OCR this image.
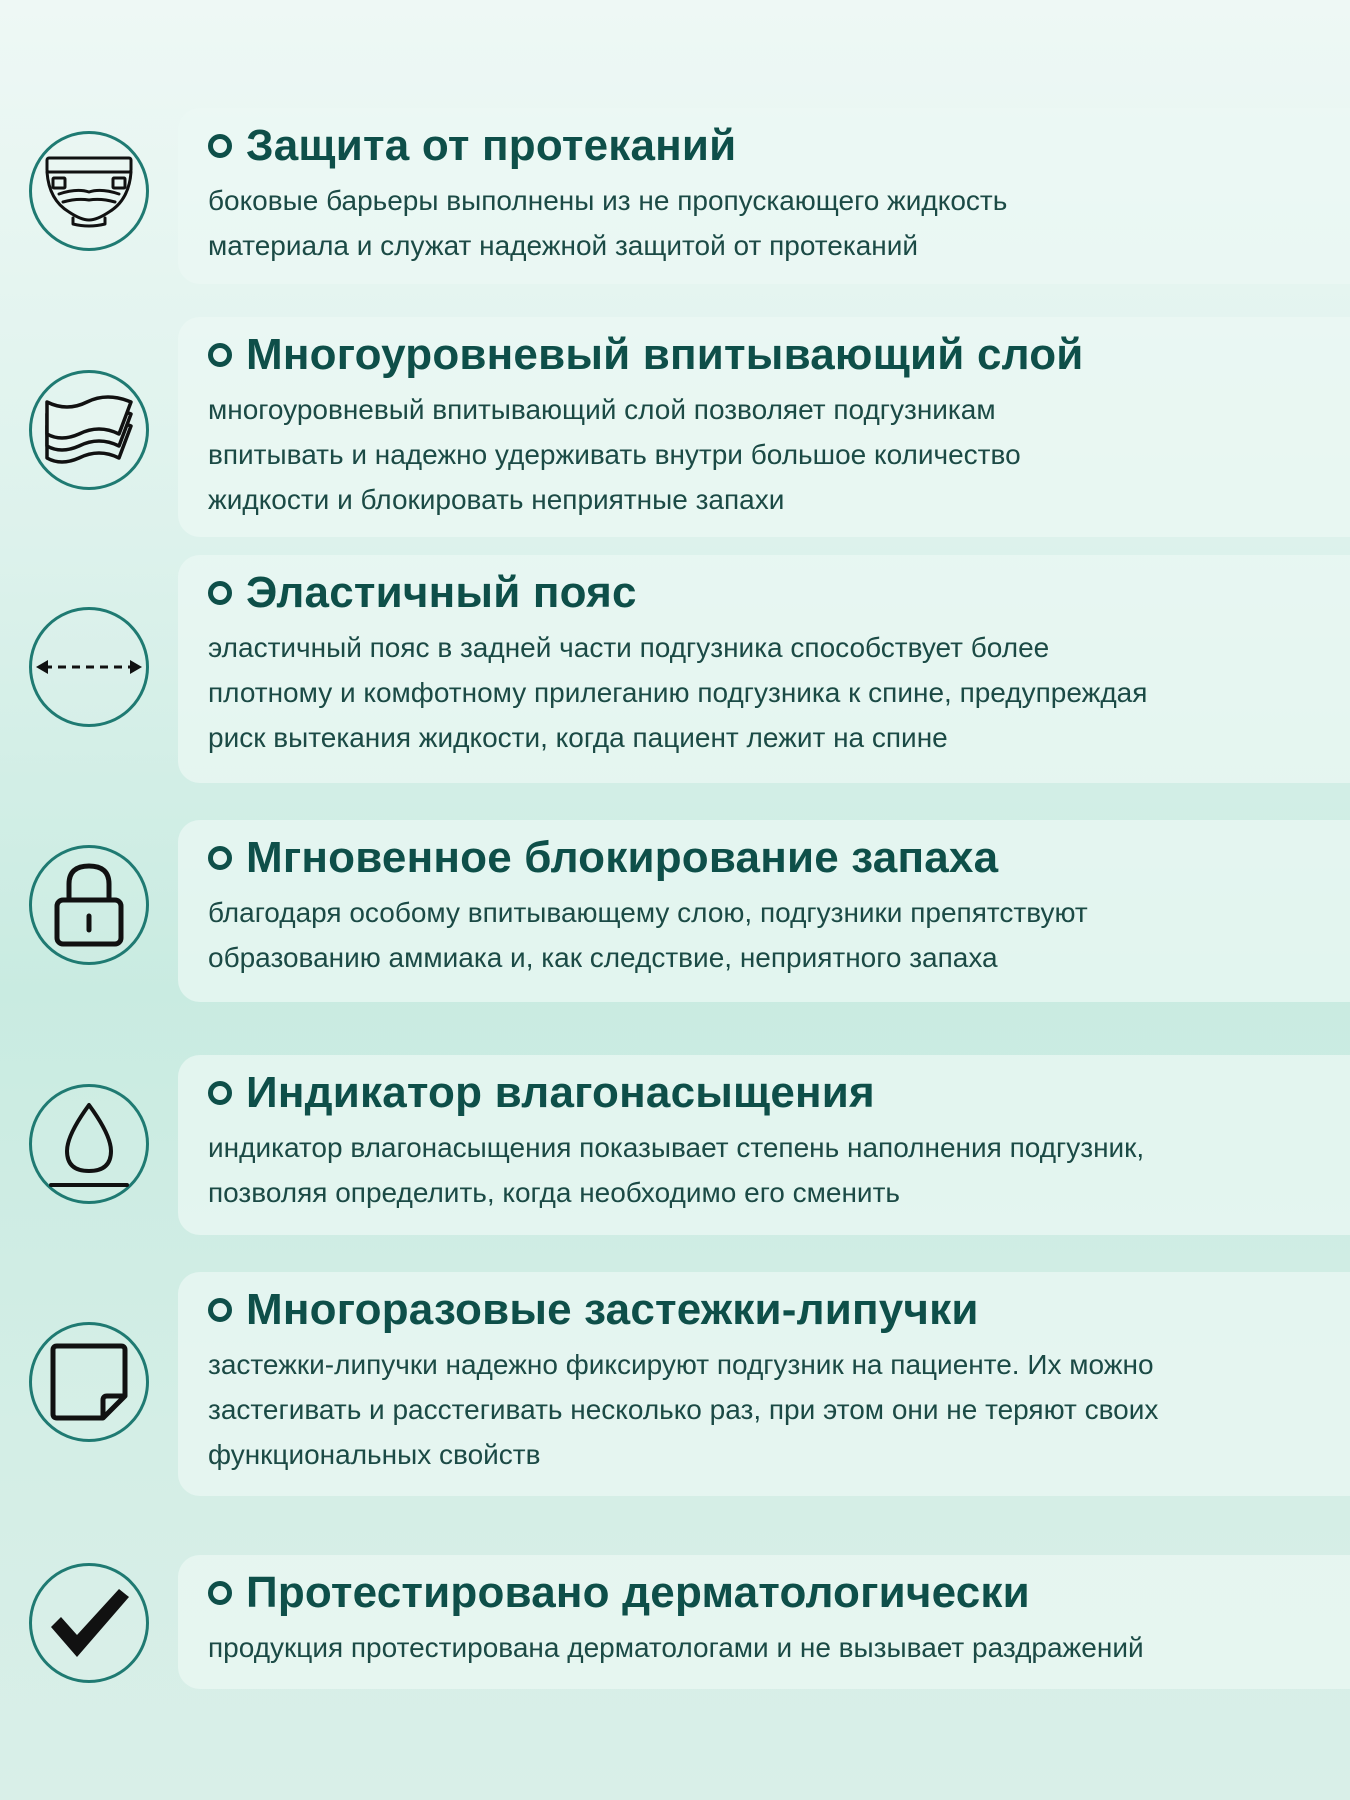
Защита от протеканий

боковые барьеры выполнены из не пропускающего жидкость
материала и служат надежной защитой от протеканий

Многоуровневый впитывающий слой

многоуровневый впитывающий слой позволяет подгузникам
впитывать и надежно удерживать внутри большое количество
жидкости и блокировать неприятные запахи

Эластичный пояс

эластичный пояс в задней части подгузника способствует более
плотному и комфотному прилеганию подгузника к спине, предупреждая
риск вытекания жидкости, когда пациент лежит на спине

Мгновенное блокирование запаха

благодаря особому впитывающему слою, подгузники препятствуют
образованию аммиака и, как следствие, неприятного запаха

Индикатор влагонасыщения

индикатор влагонасыщения показывает степень наполнения подгузник,
позволяя определить, когда необходимо его сменить

Многоразовые застежки-липучки

застежки-липучки надежно фиксируют подгузник на пациенте. Их можно
застегивать и расстегивать несколько раз, при этом они не теряют своих
функциональных свойств

Протестировано дерматологически

продукция протестирована дерматологами и не вызывает раздражений
